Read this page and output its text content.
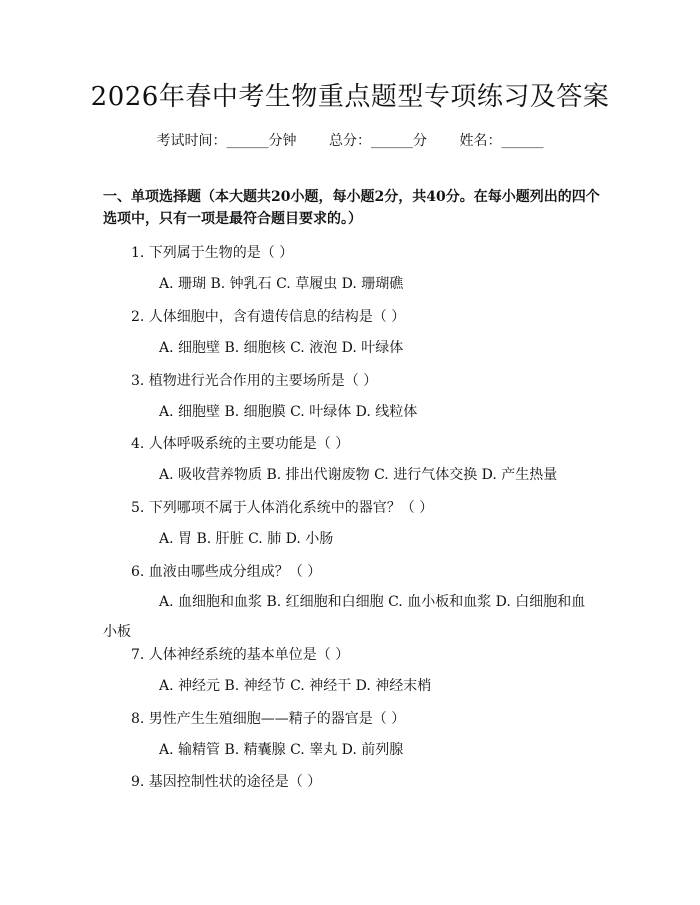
2026年春中考生物重点题型专项练习及答案
考试时间：______分钟 总分：______分 姓名：______
一、单项选择题（本大题共20小题，每小题2分，共40分。在每小题列出的四个选项中，只有一项是最符合题目要求的。）
1. 下列属于生物的是（ ）
A. 珊瑚 B. 钟乳石 C. 草履虫 D. 珊瑚礁
2. 人体细胞中，含有遗传信息的结构是（ ）
A. 细胞壁 B. 细胞核 C. 液泡 D. 叶绿体
3. 植物进行光合作用的主要场所是（ ）
A. 细胞壁 B. 细胞膜 C. 叶绿体 D. 线粒体
4. 人体呼吸系统的主要功能是（ ）
A. 吸收营养物质 B. 排出代谢废物 C. 进行气体交换 D. 产生热量
5. 下列哪项不属于人体消化系统中的器官？（ ）
A. 胃 B. 肝脏 C. 肺 D. 小肠
6. 血液由哪些成分组成？（ ）
A. 血细胞和血浆 B. 红细胞和白细胞 C. 血小板和血浆 D. 白细胞和血小板
7. 人体神经系统的基本单位是（ ）
A. 神经元 B. 神经节 C. 神经干 D. 神经末梢
8. 男性产生生殖细胞——精子的器官是（ ）
A. 输精管 B. 精囊腺 C. 睾丸 D. 前列腺
9. 基因控制性状的途径是（ ）
